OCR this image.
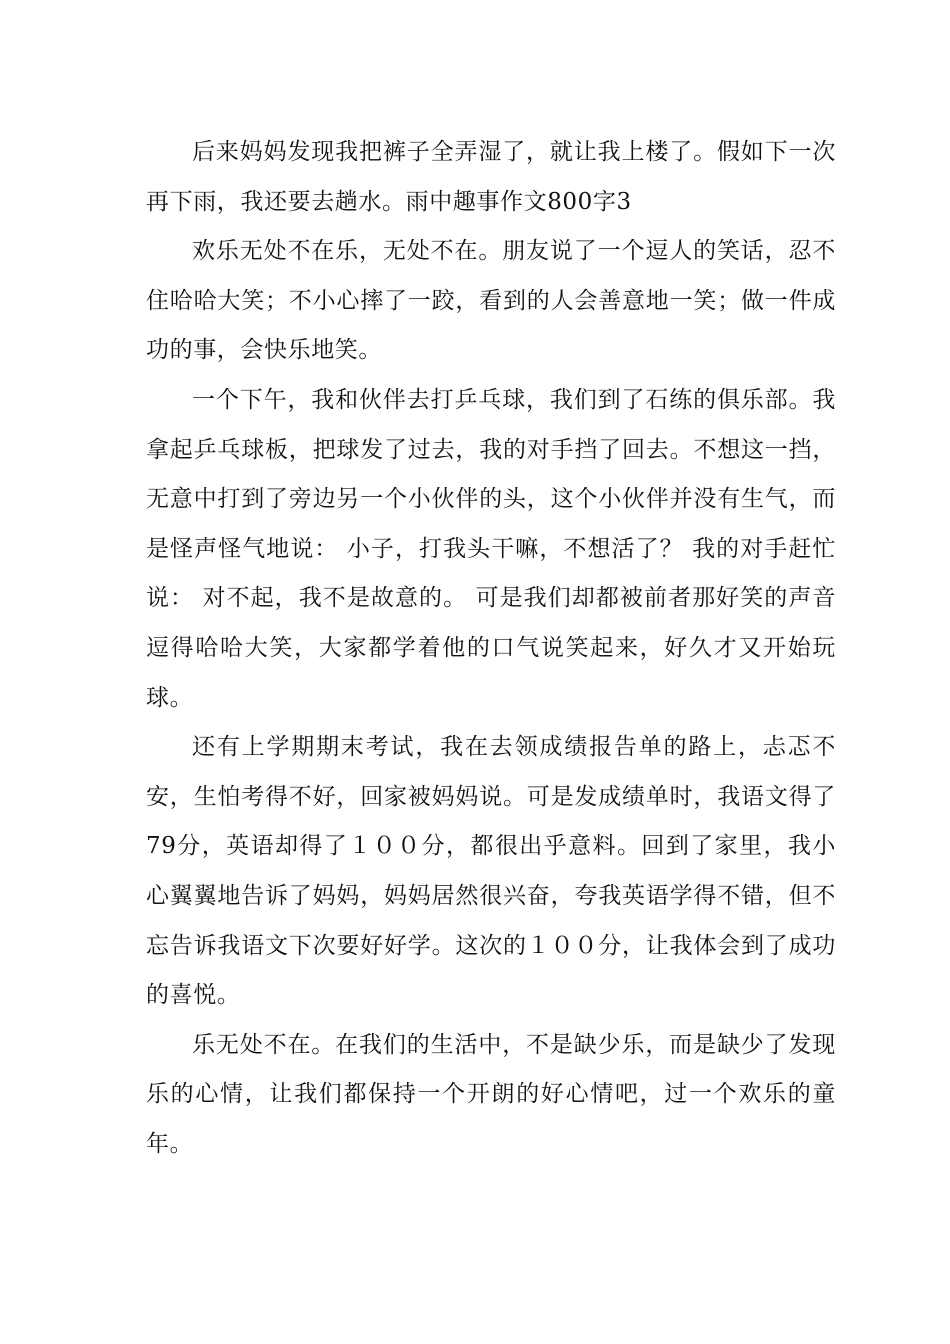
后来妈妈发现我把裤子全弄湿了，就让我上楼了。假如下一次再下雨，我还要去趟水。雨中趣事作文800字3

欢乐无处不在乐，无处不在。朋友说了一个逗人的笑话，忍不住哈哈大笑；不小心摔了一跤，看到的人会善意地一笑；做一件成功的事，会快乐地笑。

一个下午，我和伙伴去打乒乓球，我们到了石练的俱乐部。我拿起乒乓球板，把球发了过去，我的对手挡了回去。不想这一挡，无意中打到了旁边另一个小伙伴的头，这个小伙伴并没有生气，而是怪声怪气地说： 小子，打我头干嘛，不想活了？ 我的对手赶忙说： 对不起，我不是故意的。 可是我们却都被前者那好笑的声音逗得哈哈大笑，大家都学着他的口气说笑起来，好久才又开始玩球。

还有上学期期末考试，我在去领成绩报告单的路上，忐忑不安，生怕考得不好，回家被妈妈说。可是发成绩单时，我语文得了79分，英语却得了１００分，都很出乎意料。回到了家里，我小心翼翼地告诉了妈妈，妈妈居然很兴奋，夸我英语学得不错，但不忘告诉我语文下次要好好学。这次的１００分，让我体会到了成功的喜悦。

乐无处不在。在我们的生活中，不是缺少乐，而是缺少了发现乐的心情，让我们都保持一个开朗的好心情吧，过一个欢乐的童年。
